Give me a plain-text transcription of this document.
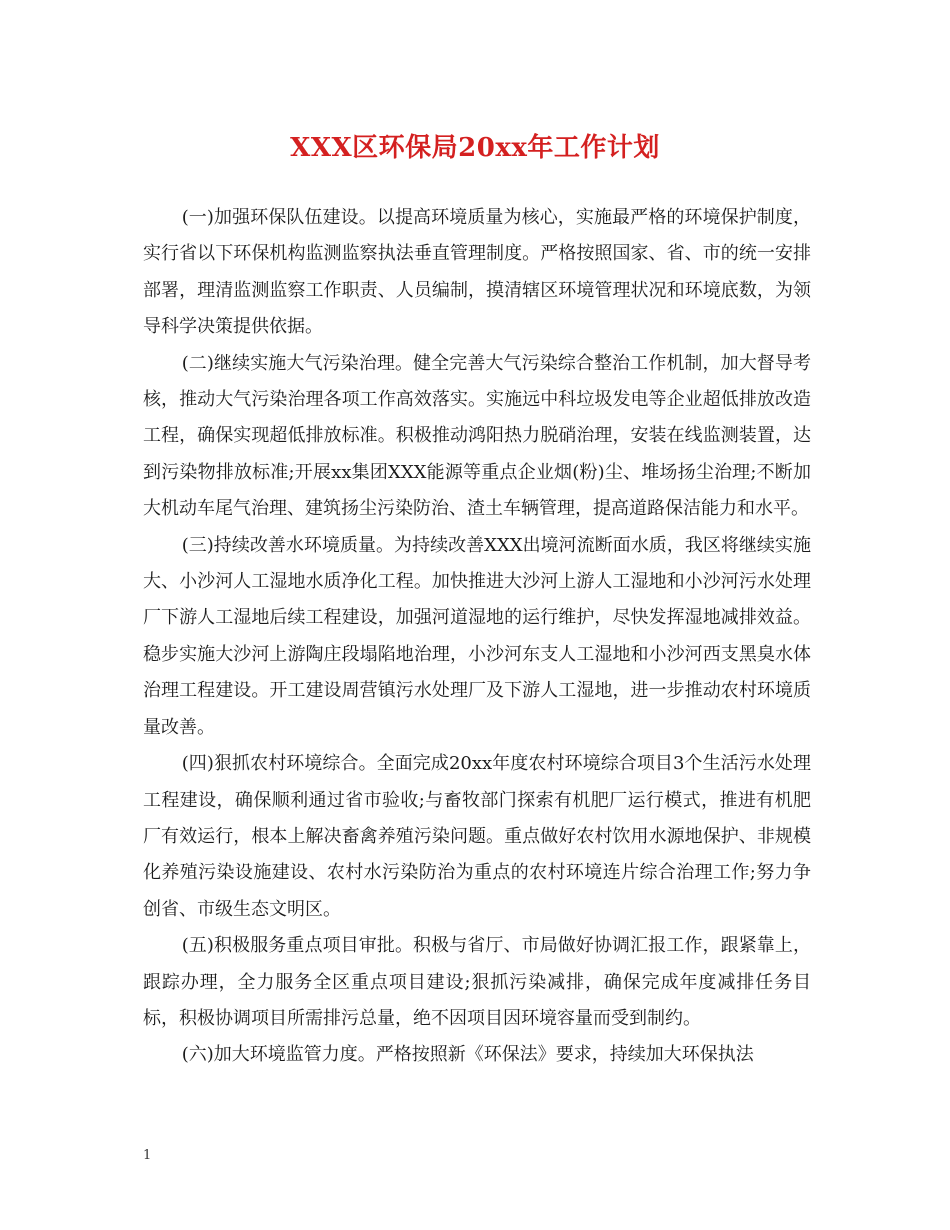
XXX区环保局20xx年工作计划

(一)加强环保队伍建设。以提高环境质量为核心，实施最严格的环境保护制度，实行省以下环保机构监测监察执法垂直管理制度。严格按照国家、省、市的统一安排部署，理清监测监察工作职责、人员编制，摸清辖区环境管理状况和环境底数，为领导科学决策提供依据。

(二)继续实施大气污染治理。健全完善大气污染综合整治工作机制，加大督导考核，推动大气污染治理各项工作高效落实。实施远中科垃圾发电等企业超低排放改造工程，确保实现超低排放标准。积极推动鸿阳热力脱硝治理，安装在线监测装置，达到污染物排放标准;开展xx集团XXX能源等重点企业烟(粉)尘、堆场扬尘治理;不断加大机动车尾气治理、建筑扬尘污染防治、渣土车辆管理，提高道路保洁能力和水平。

(三)持续改善水环境质量。为持续改善XXX出境河流断面水质，我区将继续实施大、小沙河人工湿地水质净化工程。加快推进大沙河上游人工湿地和小沙河污水处理厂下游人工湿地后续工程建设，加强河道湿地的运行维护，尽快发挥湿地减排效益。稳步实施大沙河上游陶庄段塌陷地治理，小沙河东支人工湿地和小沙河西支黑臭水体治理工程建设。开工建设周营镇污水处理厂及下游人工湿地，进一步推动农村环境质量改善。

(四)狠抓农村环境综合。全面完成20xx年度农村环境综合项目3个生活污水处理工程建设，确保顺利通过省市验收;与畜牧部门探索有机肥厂运行模式，推进有机肥厂有效运行，根本上解决畜禽养殖污染问题。重点做好农村饮用水源地保护、非规模化养殖污染设施建设、农村水污染防治为重点的农村环境连片综合治理工作;努力争创省、市级生态文明区。

(五)积极服务重点项目审批。积极与省厅、市局做好协调汇报工作，跟紧靠上，跟踪办理，全力服务全区重点项目建设;狠抓污染减排，确保完成年度减排任务目标，积极协调项目所需排污总量，绝不因项目因环境容量而受到制约。

(六)加大环境监管力度。严格按照新《环保法》要求，持续加大环保执法

1
